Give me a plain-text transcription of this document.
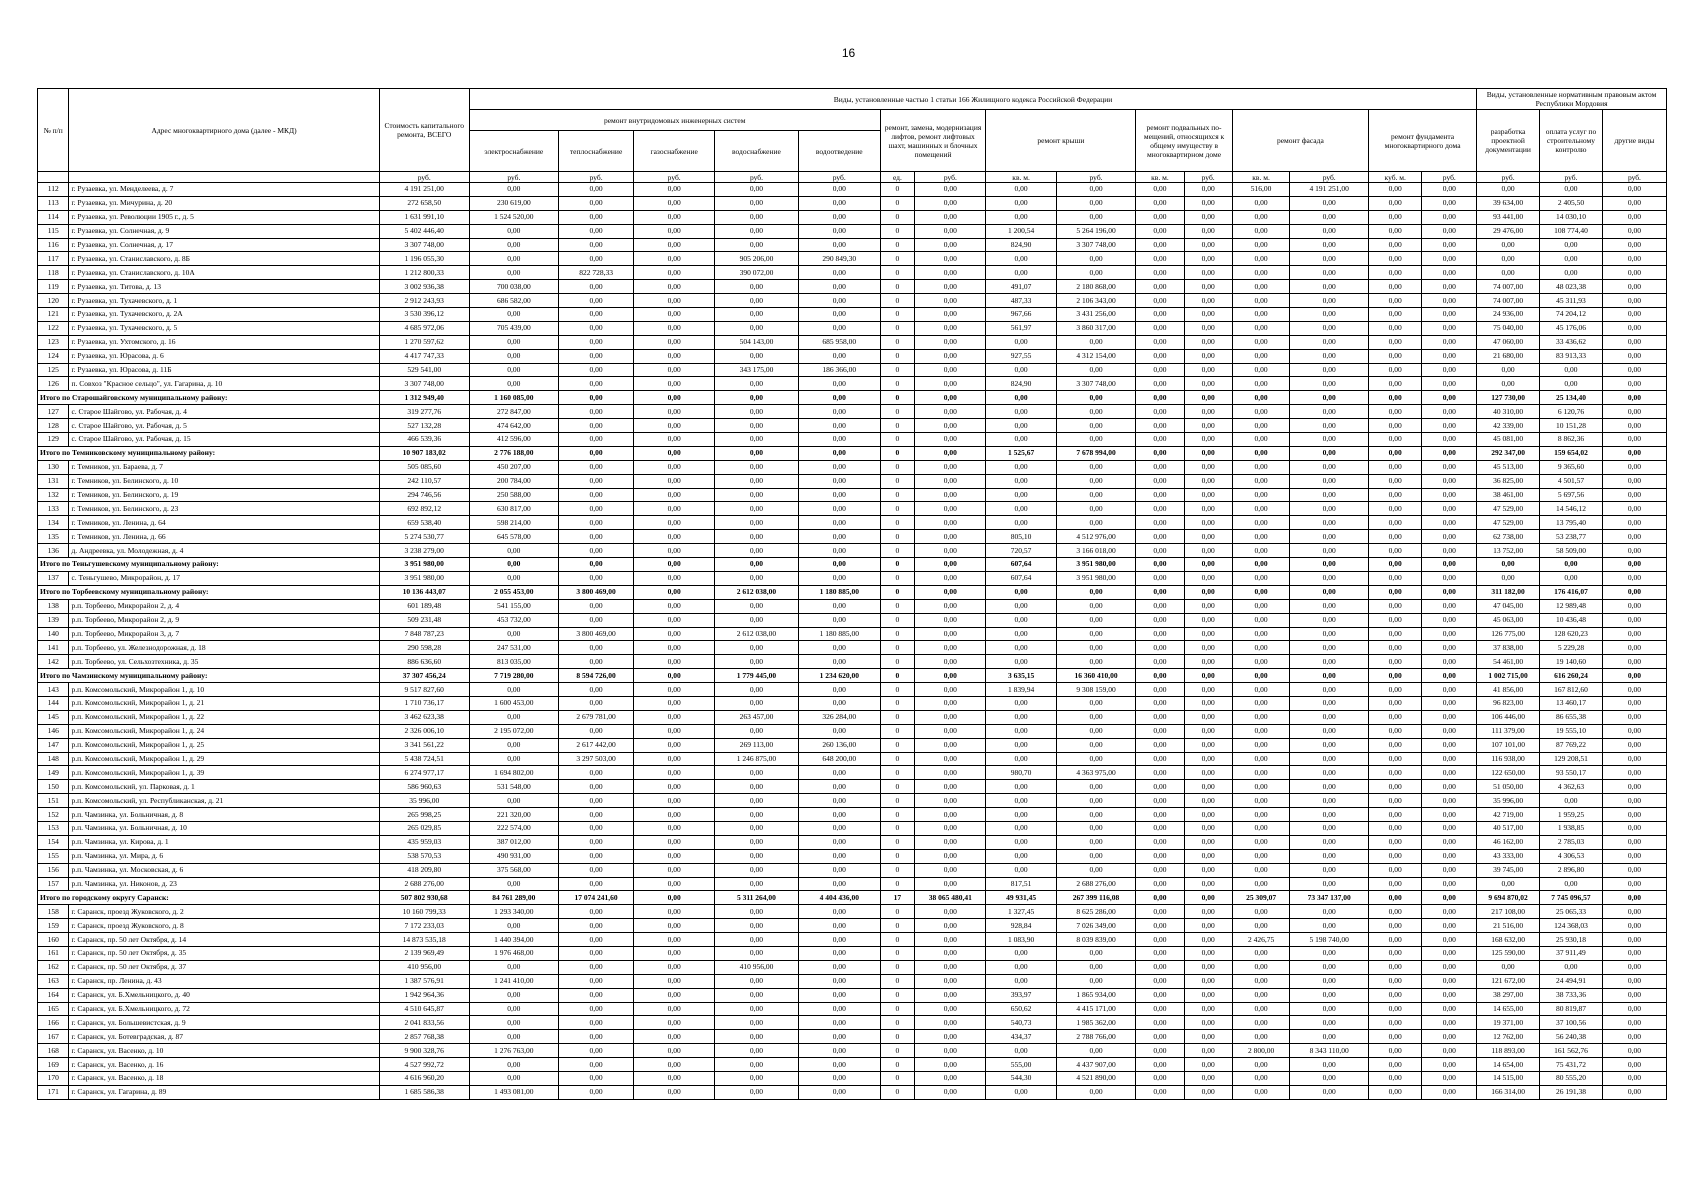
16
№ п/п	Адрес многоквартирного дома (далее - МКД)	Стоимость капитального ремонта, ВСЕГО	Виды, установленные частью 1 статьи 166 Жилищного кодекса Российской Федерации															Виды, установленные нормативным правовым актом Республики Мордовия		
			ремонт внутридомовых инженерных систем					ремонт, замена, модернизация лифтов, ремонт лифтовых шахт, машинных и блочных помещений		ремонт крыши		ремонт подвальных по-мещений, относящихся к общему имуществу в многоквартирном доме		ремонт фасада		ремонт фундамента многоквартирного дома		разработка проектной документации	оплата услуг по строительному контролю	другие виды
			электроснабжение	теплоснабжение	газоснабжение	водоснабжение	водоотведение													
		руб.	руб.	руб.	руб.	руб.	руб.	ед.	руб.	кв. м.	руб.	кв. м.	руб.	кв. м.	руб.	куб. м.	руб.	руб.	руб.	руб.
112	г. Рузаевка, ул. Менделеева, д. 7	4 191 251,00	0,00	0,00	0,00	0,00	0,00	0	0,00	0,00	0,00	0,00	0,00	516,00	4 191 251,00	0,00	0,00	0,00	0,00	0,00
113	г. Рузаевка, ул. Мичурина, д. 20	272 658,50	230 619,00	0,00	0,00	0,00	0,00	0	0,00	0,00	0,00	0,00	0,00	0,00	0,00	0,00	0,00	39 634,00	2 405,50	0,00
114	г. Рузаевка, ул. Революции 1905 г., д. 5	1 631 991,10	1 524 520,00	0,00	0,00	0,00	0,00	0	0,00	0,00	0,00	0,00	0,00	0,00	0,00	0,00	0,00	93 441,00	14 030,10	0,00
115	г. Рузаевка, ул. Солнечная, д. 9	5 402 446,40	0,00	0,00	0,00	0,00	0,00	0	0,00	1 200,54	5 264 196,00	0,00	0,00	0,00	0,00	0,00	0,00	29 476,00	108 774,40	0,00
116	г. Рузаевка, ул. Солнечная, д. 17	3 307 748,00	0,00	0,00	0,00	0,00	0,00	0	0,00	824,90	3 307 748,00	0,00	0,00	0,00	0,00	0,00	0,00	0,00	0,00	0,00
117	г. Рузаевка, ул. Станиславского, д. 8Б	1 196 055,30	0,00	0,00	0,00	905 206,00	290 849,30	0	0,00	0,00	0,00	0,00	0,00	0,00	0,00	0,00	0,00	0,00	0,00	0,00
118	г. Рузаевка, ул. Станиславского, д. 10А	1 212 800,33	0,00	822 728,33	0,00	390 072,00	0,00	0	0,00	0,00	0,00	0,00	0,00	0,00	0,00	0,00	0,00	0,00	0,00	0,00
119	г. Рузаевка, ул. Титова, д. 13	3 002 936,38	700 038,00	0,00	0,00	0,00	0,00	0	0,00	491,07	2 180 868,00	0,00	0,00	0,00	0,00	0,00	0,00	74 007,00	48 023,38	0,00
120	г. Рузаевка, ул. Тухачевского, д. 1	2 912 243,93	686 582,00	0,00	0,00	0,00	0,00	0	0,00	487,33	2 106 343,00	0,00	0,00	0,00	0,00	0,00	0,00	74 007,00	45 311,93	0,00
121	г. Рузаевка, ул. Тухачевского, д. 2А	3 530 396,12	0,00	0,00	0,00	0,00	0,00	0	0,00	967,66	3 431 256,00	0,00	0,00	0,00	0,00	0,00	0,00	24 936,00	74 204,12	0,00
122	г. Рузаевка, ул. Тухачевского, д. 5	4 685 972,06	705 439,00	0,00	0,00	0,00	0,00	0	0,00	561,97	3 860 317,00	0,00	0,00	0,00	0,00	0,00	0,00	75 040,00	45 176,06	0,00
123	г. Рузаевка, ул. Ухтомского, д. 16	1 270 597,62	0,00	0,00	0,00	504 143,00	685 958,00	0	0,00	0,00	0,00	0,00	0,00	0,00	0,00	0,00	0,00	47 060,00	33 436,62	0,00
124	г. Рузаевка, ул. Юрасова, д. 6	4 417 747,33	0,00	0,00	0,00	0,00	0,00	0	0,00	927,55	4 312 154,00	0,00	0,00	0,00	0,00	0,00	0,00	21 680,00	83 913,33	0,00
125	г. Рузаевка, ул. Юрасова, д. 11Б	529 541,00	0,00	0,00	0,00	343 175,00	186 366,00	0	0,00	0,00	0,00	0,00	0,00	0,00	0,00	0,00	0,00	0,00	0,00	0,00
126	п. Совхоз "Красное сельцо", ул. Гагарина, д. 10	3 307 748,00	0,00	0,00	0,00	0,00	0,00	0	0,00	824,90	3 307 748,00	0,00	0,00	0,00	0,00	0,00	0,00	0,00	0,00	0,00
Итого по Старошайговскому муниципальному району:		1 312 949,40	1 160 085,00	0,00	0,00	0,00	0,00	0	0,00	0,00	0,00	0,00	0,00	0,00	0,00	0,00	0,00	127 730,00	25 134,40	0,00
127	с. Старое Шайгово, ул. Рабочая, д. 4	319 277,76	272 847,00	0,00	0,00	0,00	0,00	0	0,00	0,00	0,00	0,00	0,00	0,00	0,00	0,00	0,00	40 310,00	6 120,76	0,00
128	с. Старое Шайгово, ул. Рабочая, д. 5	527 132,28	474 642,00	0,00	0,00	0,00	0,00	0	0,00	0,00	0,00	0,00	0,00	0,00	0,00	0,00	0,00	42 339,00	10 151,28	0,00
129	с. Старое Шайгово, ул. Рабочая, д. 15	466 539,36	412 596,00	0,00	0,00	0,00	0,00	0	0,00	0,00	0,00	0,00	0,00	0,00	0,00	0,00	0,00	45 081,00	8 862,36	0,00
Итого по Темниковскому муниципальному району:		10 907 183,02	2 776 188,00	0,00	0,00	0,00	0,00	0	0,00	1 525,67	7 678 994,00	0,00	0,00	0,00	0,00	0,00	0,00	292 347,00	159 654,02	0,00
130	г. Темников, ул. Бараева, д. 7	505 085,60	450 207,00	0,00	0,00	0,00	0,00	0	0,00	0,00	0,00	0,00	0,00	0,00	0,00	0,00	0,00	45 513,00	9 365,60	0,00
131	г. Темников, ул. Белинского, д. 10	242 110,57	200 784,00	0,00	0,00	0,00	0,00	0	0,00	0,00	0,00	0,00	0,00	0,00	0,00	0,00	0,00	36 825,00	4 501,57	0,00
132	г. Темников, ул. Белинского, д. 19	294 746,56	250 588,00	0,00	0,00	0,00	0,00	0	0,00	0,00	0,00	0,00	0,00	0,00	0,00	0,00	0,00	38 461,00	5 697,56	0,00
133	г. Темников, ул. Белинского, д. 23	692 892,12	630 817,00	0,00	0,00	0,00	0,00	0	0,00	0,00	0,00	0,00	0,00	0,00	0,00	0,00	0,00	47 529,00	14 546,12	0,00
134	г. Темников, ул. Ленина, д. 64	659 538,40	598 214,00	0,00	0,00	0,00	0,00	0	0,00	0,00	0,00	0,00	0,00	0,00	0,00	0,00	0,00	47 529,00	13 795,40	0,00
135	г. Темников, ул. Ленина, д. 66	5 274 530,77	645 578,00	0,00	0,00	0,00	0,00	0	0,00	805,10	4 512 976,00	0,00	0,00	0,00	0,00	0,00	0,00	62 738,00	53 238,77	0,00
136	д. Андреевка, ул. Молодежная, д. 4	3 238 279,00	0,00	0,00	0,00	0,00	0,00	0	0,00	720,57	3 166 018,00	0,00	0,00	0,00	0,00	0,00	0,00	13 752,00	58 509,00	0,00
Итого по Теньгушевскому муниципальному району:		3 951 980,00	0,00	0,00	0,00	0,00	0,00	0	0,00	607,64	3 951 980,00	0,00	0,00	0,00	0,00	0,00	0,00	0,00	0,00	0,00
137	с. Теньгушево, Микрорайон, д. 17	3 951 980,00	0,00	0,00	0,00	0,00	0,00	0	0,00	607,64	3 951 980,00	0,00	0,00	0,00	0,00	0,00	0,00	0,00	0,00	0,00
Итого по Торбеевскому муниципальному району:		10 136 443,07	2 055 453,00	3 800 469,00	0,00	2 612 038,00	1 180 885,00	0	0,00	0,00	0,00	0,00	0,00	0,00	0,00	0,00	0,00	311 182,00	176 416,07	0,00
138	р.п. Торбеево, Микрорайон 2, д. 4	601 189,48	541 155,00	0,00	0,00	0,00	0,00	0	0,00	0,00	0,00	0,00	0,00	0,00	0,00	0,00	0,00	47 045,00	12 989,48	0,00
139	р.п. Торбеево, Микрорайон 2, д. 9	509 231,48	453 732,00	0,00	0,00	0,00	0,00	0	0,00	0,00	0,00	0,00	0,00	0,00	0,00	0,00	0,00	45 063,00	10 436,48	0,00
140	р.п. Торбеево, Микрорайон 3, д. 7	7 848 787,23	0,00	3 800 469,00	0,00	2 612 038,00	1 180 885,00	0	0,00	0,00	0,00	0,00	0,00	0,00	0,00	0,00	0,00	126 775,00	128 620,23	0,00
141	р.п. Торбеево, ул. Железнодорожная, д. 18	290 598,28	247 531,00	0,00	0,00	0,00	0,00	0	0,00	0,00	0,00	0,00	0,00	0,00	0,00	0,00	0,00	37 838,00	5 229,28	0,00
142	р.п. Торбеево, ул. Сельхозтехника, д. 35	886 636,60	813 035,00	0,00	0,00	0,00	0,00	0	0,00	0,00	0,00	0,00	0,00	0,00	0,00	0,00	0,00	54 461,00	19 140,60	0,00
Итого по Чамзинскому муниципальному району:		37 307 456,24	7 719 280,00	8 594 726,00	0,00	1 779 445,00	1 234 620,00	0	0,00	3 635,15	16 360 410,00	0,00	0,00	0,00	0,00	0,00	0,00	1 002 715,00	616 260,24	0,00
143	р.п. Комсомольский, Микрорайон 1, д. 10	9 517 827,60	0,00	0,00	0,00	0,00	0,00	0	0,00	1 839,94	9 308 159,00	0,00	0,00	0,00	0,00	0,00	0,00	41 856,00	167 812,60	0,00
144	р.п. Комсомольский, Микрорайон 1, д. 21	1 710 736,17	1 600 453,00	0,00	0,00	0,00	0,00	0	0,00	0,00	0,00	0,00	0,00	0,00	0,00	0,00	0,00	96 823,00	13 460,17	0,00
145	р.п. Комсомольский, Микрорайон 1, д. 22	3 462 623,38	0,00	2 679 781,00	0,00	263 457,00	326 284,00	0	0,00	0,00	0,00	0,00	0,00	0,00	0,00	0,00	0,00	106 446,00	86 655,38	0,00
146	р.п. Комсомольский, Микрорайон 1, д. 24	2 326 006,10	2 195 072,00	0,00	0,00	0,00	0,00	0	0,00	0,00	0,00	0,00	0,00	0,00	0,00	0,00	0,00	111 379,00	19 555,10	0,00
147	р.п. Комсомольский, Микрорайон 1, д. 25	3 341 561,22	0,00	2 617 442,00	0,00	269 113,00	260 136,00	0	0,00	0,00	0,00	0,00	0,00	0,00	0,00	0,00	0,00	107 101,00	87 769,22	0,00
148	р.п. Комсомольский, Микрорайон 1, д. 29	5 438 724,51	0,00	3 297 503,00	0,00	1 246 875,00	648 200,00	0	0,00	0,00	0,00	0,00	0,00	0,00	0,00	0,00	0,00	116 938,00	129 208,51	0,00
149	р.п. Комсомольский, Микрорайон 1, д. 39	6 274 977,17	1 694 802,00	0,00	0,00	0,00	0,00	0	0,00	980,70	4 363 975,00	0,00	0,00	0,00	0,00	0,00	0,00	122 650,00	93 550,17	0,00
150	р.п. Комсомольский, ул. Парковая, д. 1	586 960,63	531 548,00	0,00	0,00	0,00	0,00	0	0,00	0,00	0,00	0,00	0,00	0,00	0,00	0,00	0,00	51 050,00	4 362,63	0,00
151	р.п. Комсомольский, ул. Республиканская, д. 21	35 996,00	0,00	0,00	0,00	0,00	0,00	0	0,00	0,00	0,00	0,00	0,00	0,00	0,00	0,00	0,00	35 996,00	0,00	0,00
152	р.п. Чамзинка, ул. Больничная, д. 8	265 998,25	221 320,00	0,00	0,00	0,00	0,00	0	0,00	0,00	0,00	0,00	0,00	0,00	0,00	0,00	0,00	42 719,00	1 959,25	0,00
153	р.п. Чамзинка, ул. Больничная, д. 10	265 029,85	222 574,00	0,00	0,00	0,00	0,00	0	0,00	0,00	0,00	0,00	0,00	0,00	0,00	0,00	0,00	40 517,00	1 938,85	0,00
154	р.п. Чамзинка, ул. Кирова, д. 1	435 959,03	387 012,00	0,00	0,00	0,00	0,00	0	0,00	0,00	0,00	0,00	0,00	0,00	0,00	0,00	0,00	46 162,00	2 785,03	0,00
155	р.п. Чамзинка, ул. Мира, д. 6	538 570,53	490 931,00	0,00	0,00	0,00	0,00	0	0,00	0,00	0,00	0,00	0,00	0,00	0,00	0,00	0,00	43 333,00	4 306,53	0,00
156	р.п. Чамзинка, ул. Московская, д. 6	418 209,80	375 568,00	0,00	0,00	0,00	0,00	0	0,00	0,00	0,00	0,00	0,00	0,00	0,00	0,00	0,00	39 745,00	2 896,80	0,00
157	р.п. Чамзинка, ул. Никонов, д. 23	2 688 276,00	0,00	0,00	0,00	0,00	0,00	0	0,00	817,51	2 688 276,00	0,00	0,00	0,00	0,00	0,00	0,00	0,00	0,00	0,00
Итого по городскому округу Саранск:		507 802 930,68	84 761 289,00	17 074 241,60	0,00	5 311 264,00	4 404 436,00	17	38 065 480,41	49 931,45	267 399 116,08	0,00	0,00	25 309,07	73 347 137,00	0,00	0,00	9 694 870,02	7 745 096,57	0,00
158	г. Саранск, проезд Жуковского, д. 2	10 160 799,33	1 293 340,00	0,00	0,00	0,00	0,00	0	0,00	1 327,45	8 625 286,00	0,00	0,00	0,00	0,00	0,00	0,00	217 108,00	25 065,33	0,00
159	г. Саранск, проезд Жуковского, д. 8	7 172 233,03	0,00	0,00	0,00	0,00	0,00	0	0,00	928,84	7 026 349,00	0,00	0,00	0,00	0,00	0,00	0,00	21 516,00	124 368,03	0,00
160	г. Саранск, пр. 50 лет Октября, д. 14	14 873 535,18	1 440 394,00	0,00	0,00	0,00	0,00	0	0,00	1 083,90	8 039 839,00	0,00	0,00	2 426,75	5 198 740,00	0,00	0,00	168 632,00	25 930,18	0,00
161	г. Саранск, пр. 50 лет Октября, д. 35	2 139 969,49	1 976 468,00	0,00	0,00	0,00	0,00	0	0,00	0,00	0,00	0,00	0,00	0,00	0,00	0,00	0,00	125 590,00	37 911,49	0,00
162	г. Саранск, пр. 50 лет Октября, д. 37	410 956,00	0,00	0,00	0,00	410 956,00	0,00	0	0,00	0,00	0,00	0,00	0,00	0,00	0,00	0,00	0,00	0,00	0,00	0,00
163	г. Саранск, пр. Ленина, д. 43	1 387 576,91	1 241 410,00	0,00	0,00	0,00	0,00	0	0,00	0,00	0,00	0,00	0,00	0,00	0,00	0,00	0,00	121 672,00	24 494,91	0,00
164	г. Саранск, ул. Б.Хмельницкого, д. 40	1 942 964,36	0,00	0,00	0,00	0,00	0,00	0	0,00	393,97	1 865 934,00	0,00	0,00	0,00	0,00	0,00	0,00	38 297,00	38 733,36	0,00
165	г. Саранск, ул. Б.Хмельницкого, д. 72	4 510 645,87	0,00	0,00	0,00	0,00	0,00	0	0,00	650,62	4 415 171,00	0,00	0,00	0,00	0,00	0,00	0,00	14 655,00	80 819,87	0,00
166	г. Саранск, ул. Большевистская, д. 9	2 041 833,56	0,00	0,00	0,00	0,00	0,00	0	0,00	540,73	1 985 362,00	0,00	0,00	0,00	0,00	0,00	0,00	19 371,00	37 100,56	0,00
167	г. Саранск, ул. Ботевградская, д. 87	2 857 768,38	0,00	0,00	0,00	0,00	0,00	0	0,00	434,37	2 788 766,00	0,00	0,00	0,00	0,00	0,00	0,00	12 762,00	56 240,38	0,00
168	г. Саранск, ул. Васенко, д. 10	9 900 328,76	1 276 763,00	0,00	0,00	0,00	0,00	0	0,00	0,00	0,00	0,00	0,00	2 800,00	8 343 110,00	0,00	0,00	118 893,00	161 562,76	0,00
169	г. Саранск, ул. Васенко, д. 16	4 527 992,72	0,00	0,00	0,00	0,00	0,00	0	0,00	555,00	4 437 907,00	0,00	0,00	0,00	0,00	0,00	0,00	14 654,00	75 431,72	0,00
170	г. Саранск, ул. Васенко, д. 18	4 616 960,20	0,00	0,00	0,00	0,00	0,00	0	0,00	544,30	4 521 890,00	0,00	0,00	0,00	0,00	0,00	0,00	14 515,00	80 555,20	0,00
171	г. Саранск, ул. Гагарина, д. 89	1 685 586,38	1 493 081,00	0,00	0,00	0,00	0,00	0	0,00	0,00	0,00	0,00	0,00	0,00	0,00	0,00	0,00	166 314,00	26 191,38	0,00
